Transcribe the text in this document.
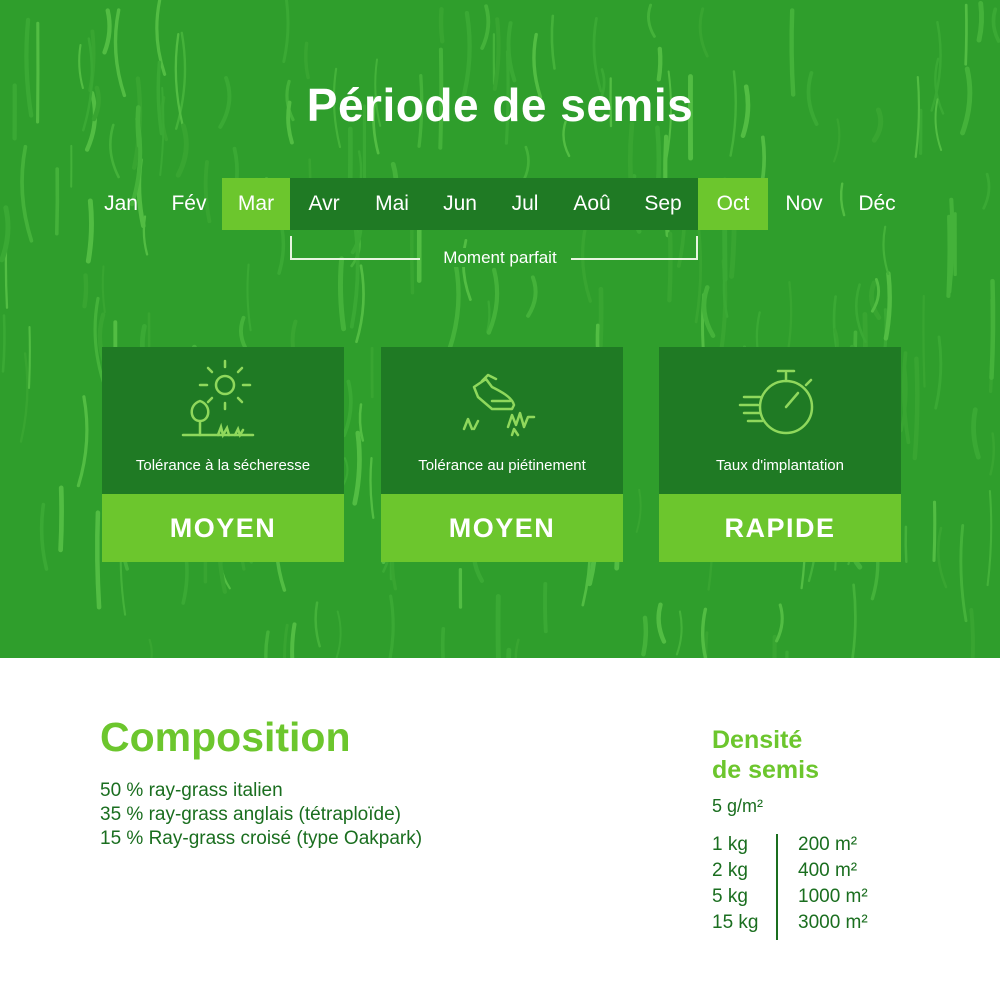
Période de semis
Jan	Fév	Mar	Avr	Mai	Jun	Jul	Aoû	Sep	Oct	Nov	Déc
Moment parfait
Tolérance à la sécheresse
MOYEN
Tolérance au piétinement
MOYEN
Taux d'implantation
RAPIDE
Composition
50 % ray-grass italien
35 % ray-grass anglais (tétraploïde)
15 % Ray-grass croisé (type Oakpark)
Densité
de semis
5 g/m²
1 kg	200 m²
2 kg	400 m²
5 kg	1000 m²
15 kg 3000 m²
